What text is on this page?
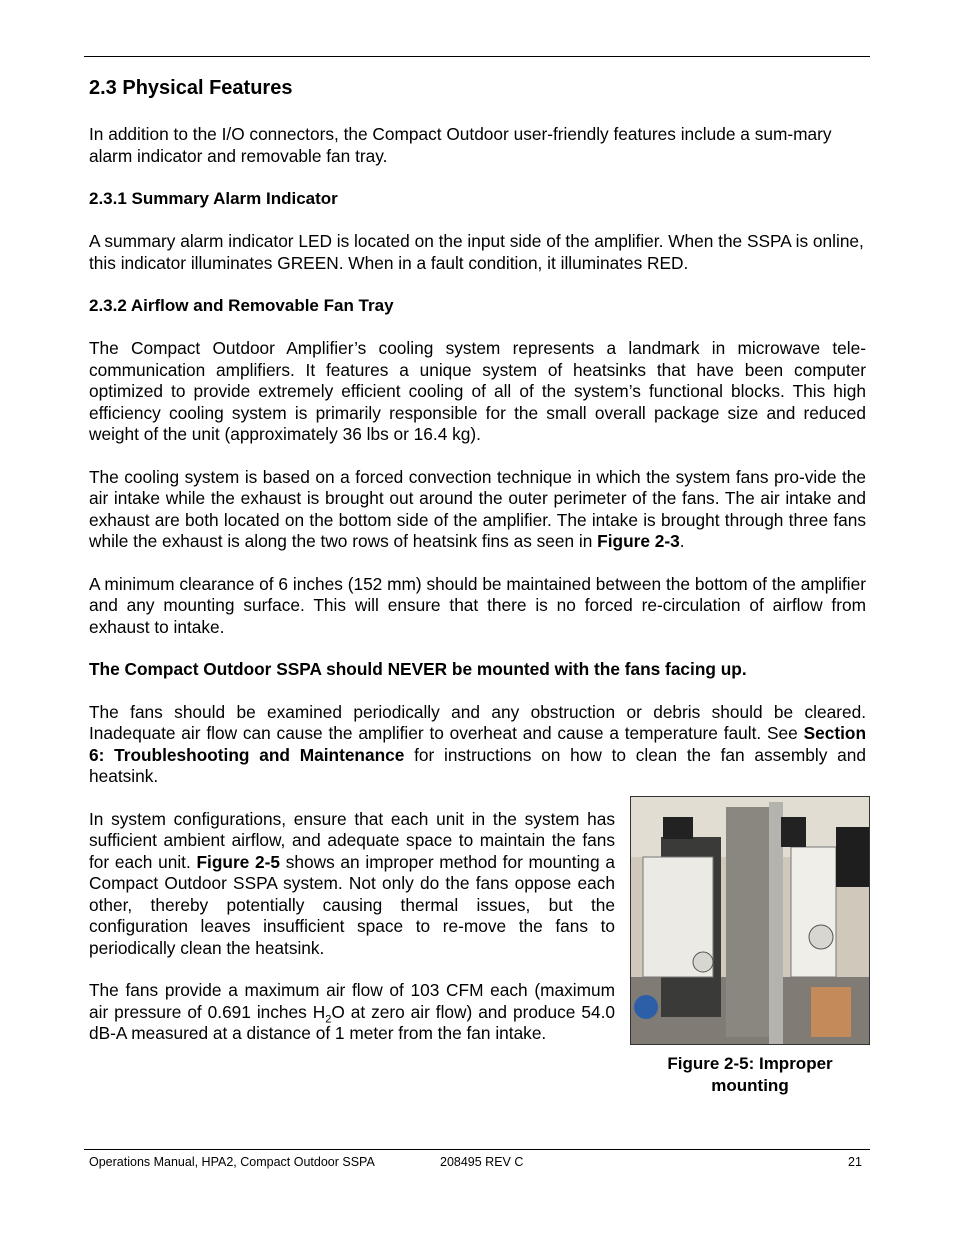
2.3 Physical Features

In addition to the I/O connectors, the Compact Outdoor user-friendly features include a sum-mary alarm indicator and removable fan tray.

2.3.1 Summary Alarm Indicator

A summary alarm indicator LED is located on the input side of the amplifier. When the SSPA is online, this indicator illuminates GREEN. When in a fault condition, it illuminates RED.

2.3.2 Airflow and Removable Fan Tray

The Compact Outdoor Amplifier’s cooling system represents a landmark in microwave tele-communication amplifiers. It features a unique system of heatsinks that have been computer optimized to provide extremely efficient cooling of all of the system’s functional blocks. This high efficiency cooling system is primarily responsible for the small overall package size and reduced weight of the unit (approximately 36 lbs or 16.4 kg).

The cooling system is based on a forced convection technique in which the system fans pro-vide the air intake while the exhaust is brought out around the outer perimeter of the fans. The air intake and exhaust are both located on the bottom side of the amplifier. The intake is brought through three fans while the exhaust is along the two rows of heatsink fins as seen in Figure 2-3.

A minimum clearance of 6 inches (152 mm) should be maintained between the bottom of the amplifier and any mounting surface. This will ensure that there is no forced re-circulation of airflow from exhaust to intake.

The Compact Outdoor SSPA should NEVER be mounted with the fans facing up.

The fans should be examined periodically and any obstruction or debris should be cleared. Inadequate air flow can cause the amplifier to overheat and cause a temperature fault. See Section 6: Troubleshooting and Maintenance for instructions on how to clean the fan assembly and heatsink.

In system configurations, ensure that each unit in the system has sufficient ambient airflow, and adequate space to maintain the fans for each unit. Figure 2-5 shows an improper method for mounting a Compact Outdoor SSPA system. Not only do the fans oppose each other, thereby potentially causing thermal issues, but the configuration leaves insufficient space to re-move the fans to periodically clean the heatsink.

The fans provide a maximum air flow of 103 CFM each (maximum air pressure of 0.691 inches $H_2O$ at zero air flow) and produce 54.0 dB-A measured at a distance of 1 meter from the fan intake.

Figure 2-5: Improper
mounting
Operations Manual, HPA2, Compact Outdoor SSPA	208495 REV C	21
